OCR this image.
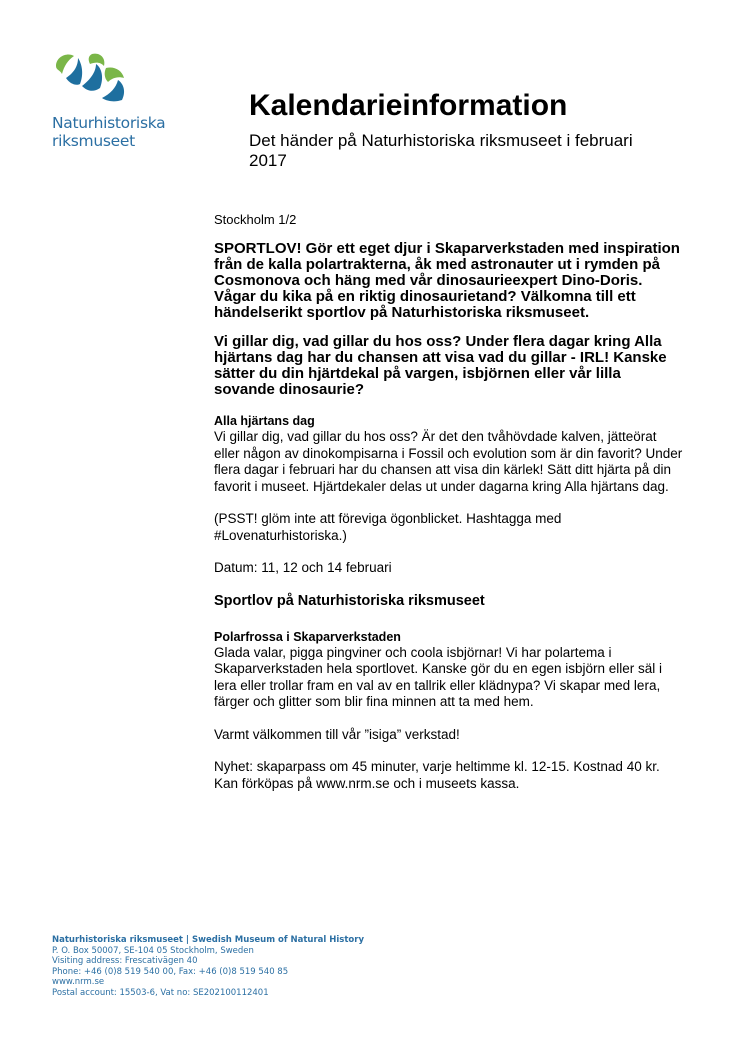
Naturhistoriska
riksmuseet
Kalendarieinformation
Det händer på Naturhistoriska riksmuseet i februari 2017

Stockholm 1/2

SPORTLOV! Gör ett eget djur i Skaparverkstaden med inspiration från de kalla polartrakterna, åk med astronauter ut i rymden på Cosmonova och häng med vår dinosaurieexpert Dino-Doris. Vågar du kika på en riktig dinosaurietand? Välkomna till ett händelserikt sportlov på Naturhistoriska riksmuseet.

Vi gillar dig, vad gillar du hos oss? Under flera dagar kring Alla hjärtans dag har du chansen att visa vad du gillar - IRL! Kanske sätter du din hjärtdekal på vargen, isbjörnen eller vår lilla sovande dinosaurie?

Alla hjärtans dag

Vi gillar dig, vad gillar du hos oss? Är det den tvåhövdade kalven, jätteörat eller någon av dinokompisarna i Fossil och evolution som är din favorit? Under flera dagar i februari har du chansen att visa din kärlek! Sätt ditt hjärta på din favorit i museet. Hjärtdekaler delas ut under dagarna kring Alla hjärtans dag.

(PSST! glöm inte att föreviga ögonblicket. Hashtagga med #Lovenaturhistoriska.)

Datum: 11, 12 och 14 februari

Sportlov på Naturhistoriska riksmuseet

Polarfrossa i Skaparverkstaden

Glada valar, pigga pingviner och coola isbjörnar! Vi har polartema i Skaparverkstaden hela sportlovet. Kanske gör du en egen isbjörn eller säl i lera eller trollar fram en val av en tallrik eller klädnypa? Vi skapar med lera, färger och glitter som blir fina minnen att ta med hem.

Varmt välkommen till vår ”isiga” verkstad!

Nyhet: skaparpass om 45 minuter, varje heltimme kl. 12-15. Kostnad 40 kr. Kan förköpas på www.nrm.se och i museets kassa.

Naturhistoriska riksmuseet | Swedish Museum of Natural History
P. O. Box 50007, SE-104 05 Stockholm, Sweden
Visiting address: Frescativägen 40
Phone: +46 (0)8 519 540 00, Fax: +46 (0)8 519 540 85
www.nrm.se
Postal account: 15503-6, Vat no: SE202100112401
